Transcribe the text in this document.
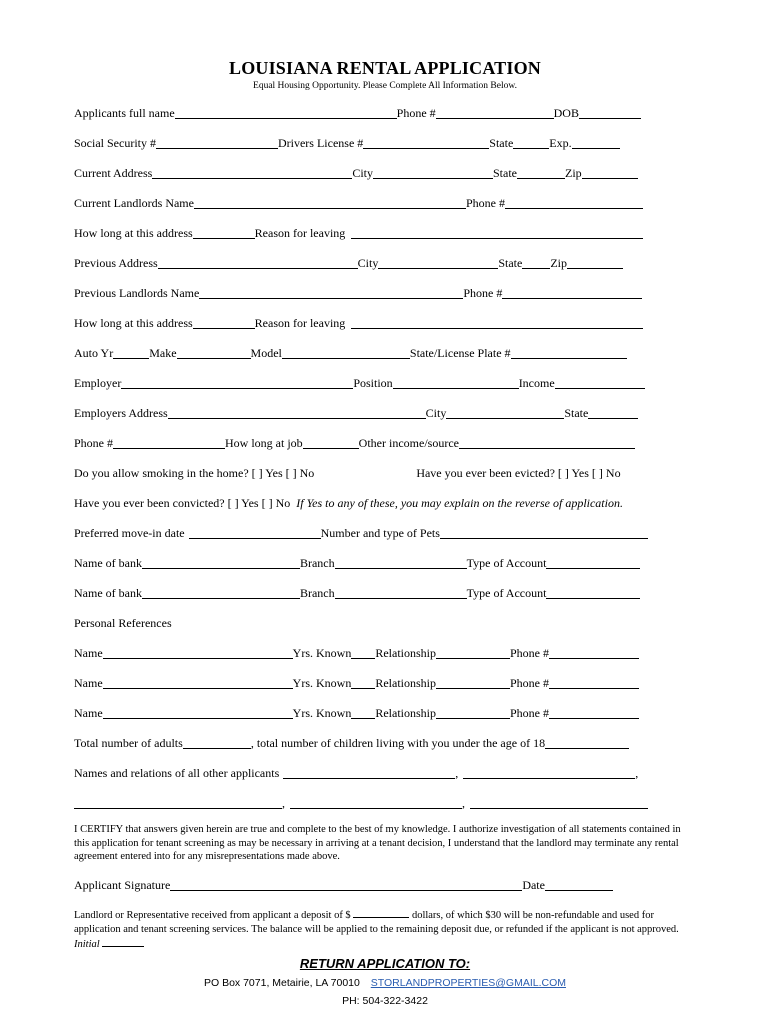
LOUISIANA RENTAL APPLICATION
Equal Housing Opportunity. Please Complete All Information Below.
Applicants full name	Phone #	DOB
Social Security #	Drivers License #	State	Exp.
Current Address	City	State	Zip
Current Landlords Name	Phone #
How long at this address	Reason for leaving
Previous Address	City	State Zip
Previous Landlords Name	Phone #
How long at this address	Reason for leaving
Auto Yr	Make	Model	State/License Plate #
Employer	Position	Income
Employers Address	City	State
Phone #	How long at job	Other income/source
Do you allow smoking in the home? [ ] Yes [ ] No	Have you ever been evicted? [ ] Yes [ ] No
Have you ever been convicted? [ ] Yes [ ] No If Yes to any of these, you may explain on the reverse of application.
Preferred move-in date	Number and type of Pets
Name of bank	Branch	Type of Account
Name of bank	Branch	Type of Account
Personal References
Name	Yrs. Known Relationship	Phone #
Name	Yrs. Known Relationship	Phone #
Name	Yrs. Known Relationship	Phone #
Total number of adults	, total number of children living with you under the age of 18
Names and relations of all other applicants	,	,
,	,
I CERTIFY that answers given herein are true and complete to the best of my knowledge. I authorize investigation of all statements contained in this application for tenant screening as may be necessary in arriving at a tenant decision, I understand that the landlord may terminate any rental agreement entered into for any misrepresentations made above.
Applicant Signature	Date
Landlord or Representative received from applicant a deposit of $	dollars, of which $30 will be non-refundable and used for application and tenant screening services. The balance will be applied to the remaining deposit due, or refunded if the applicant is not approved. Initial
RETURN APPLICATION TO:
PO Box 7071, Metairie, LA 70010 STORLANDPROPERTIES@GMAIL.COM
PH: 504-322-3422
